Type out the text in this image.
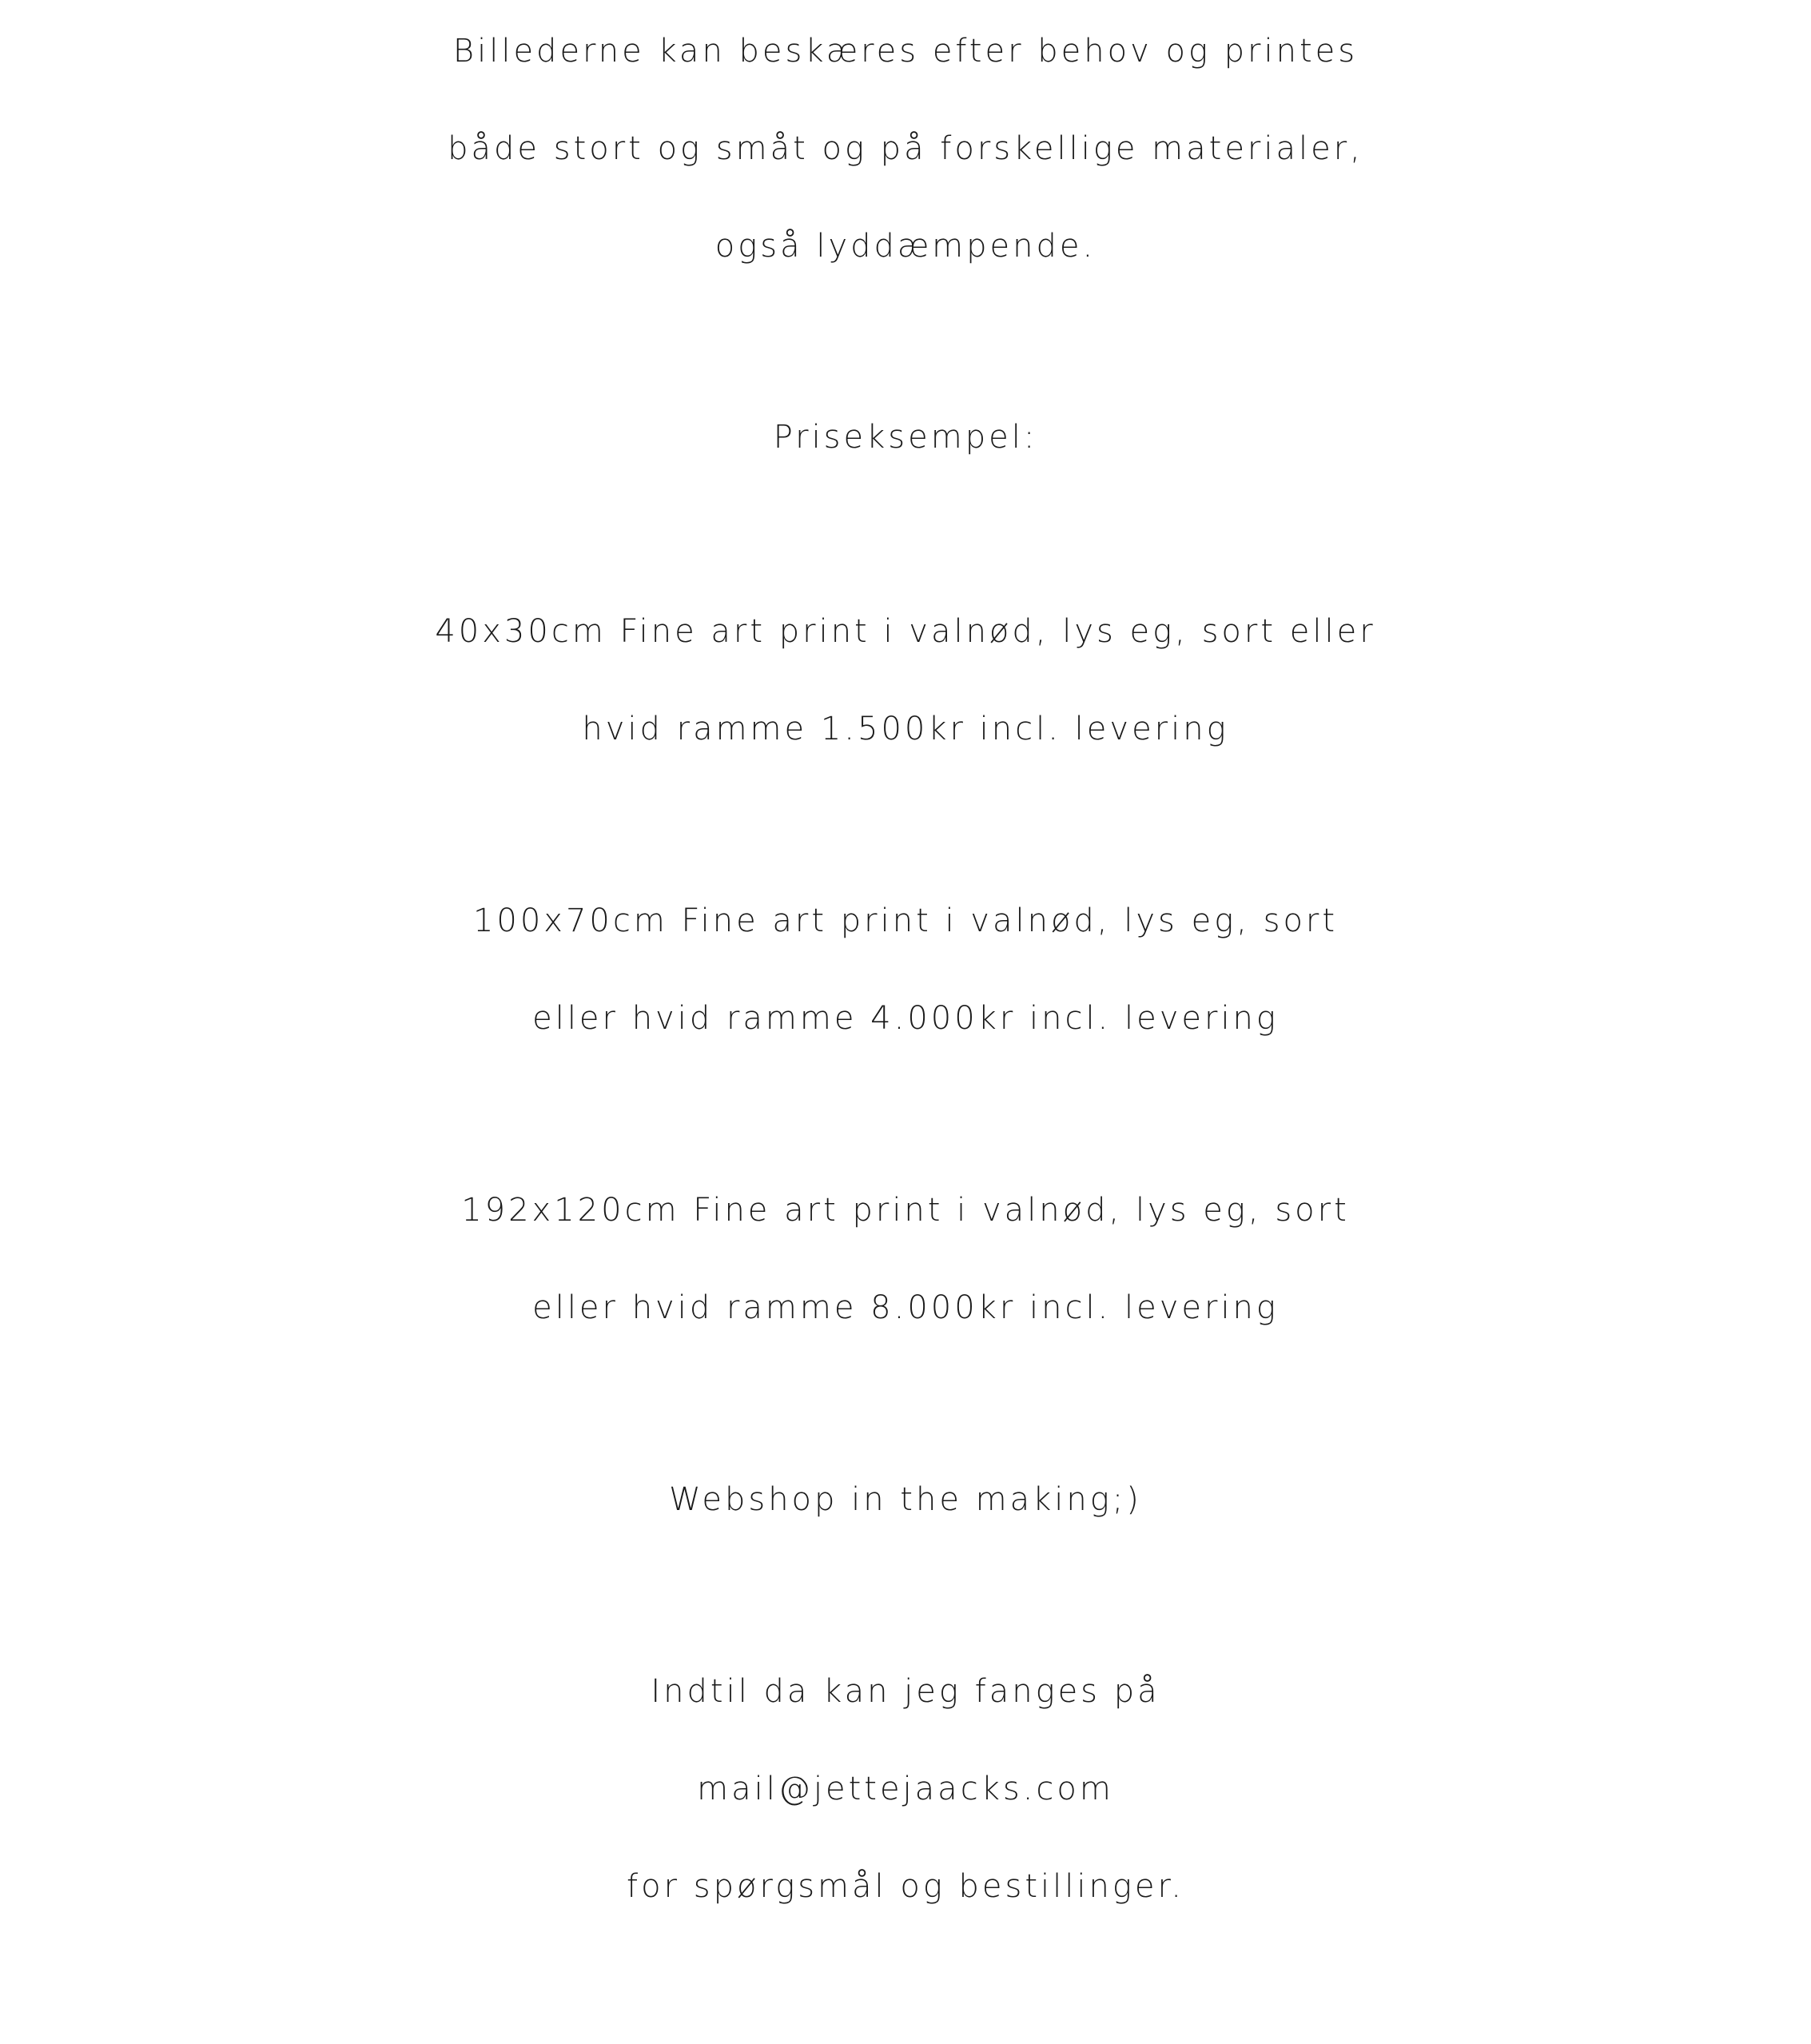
Billederne kan beskæres efter behov og printes
både stort og småt og på forskellige materialer,
også lyddæmpende.
Priseksempel:
40x30cm Fine art print i valnød, lys eg, sort eller
hvid ramme 1.500kr incl. levering
100x70cm Fine art print i valnød, lys eg, sort
eller hvid ramme 4.000kr incl. levering
192x120cm Fine art print i valnød, lys eg, sort
eller hvid ramme 8.000kr incl. levering
Webshop in the making;)
Indtil da kan jeg fanges på
mail@jettejaacks.com
for spørgsmål og bestillinger.
